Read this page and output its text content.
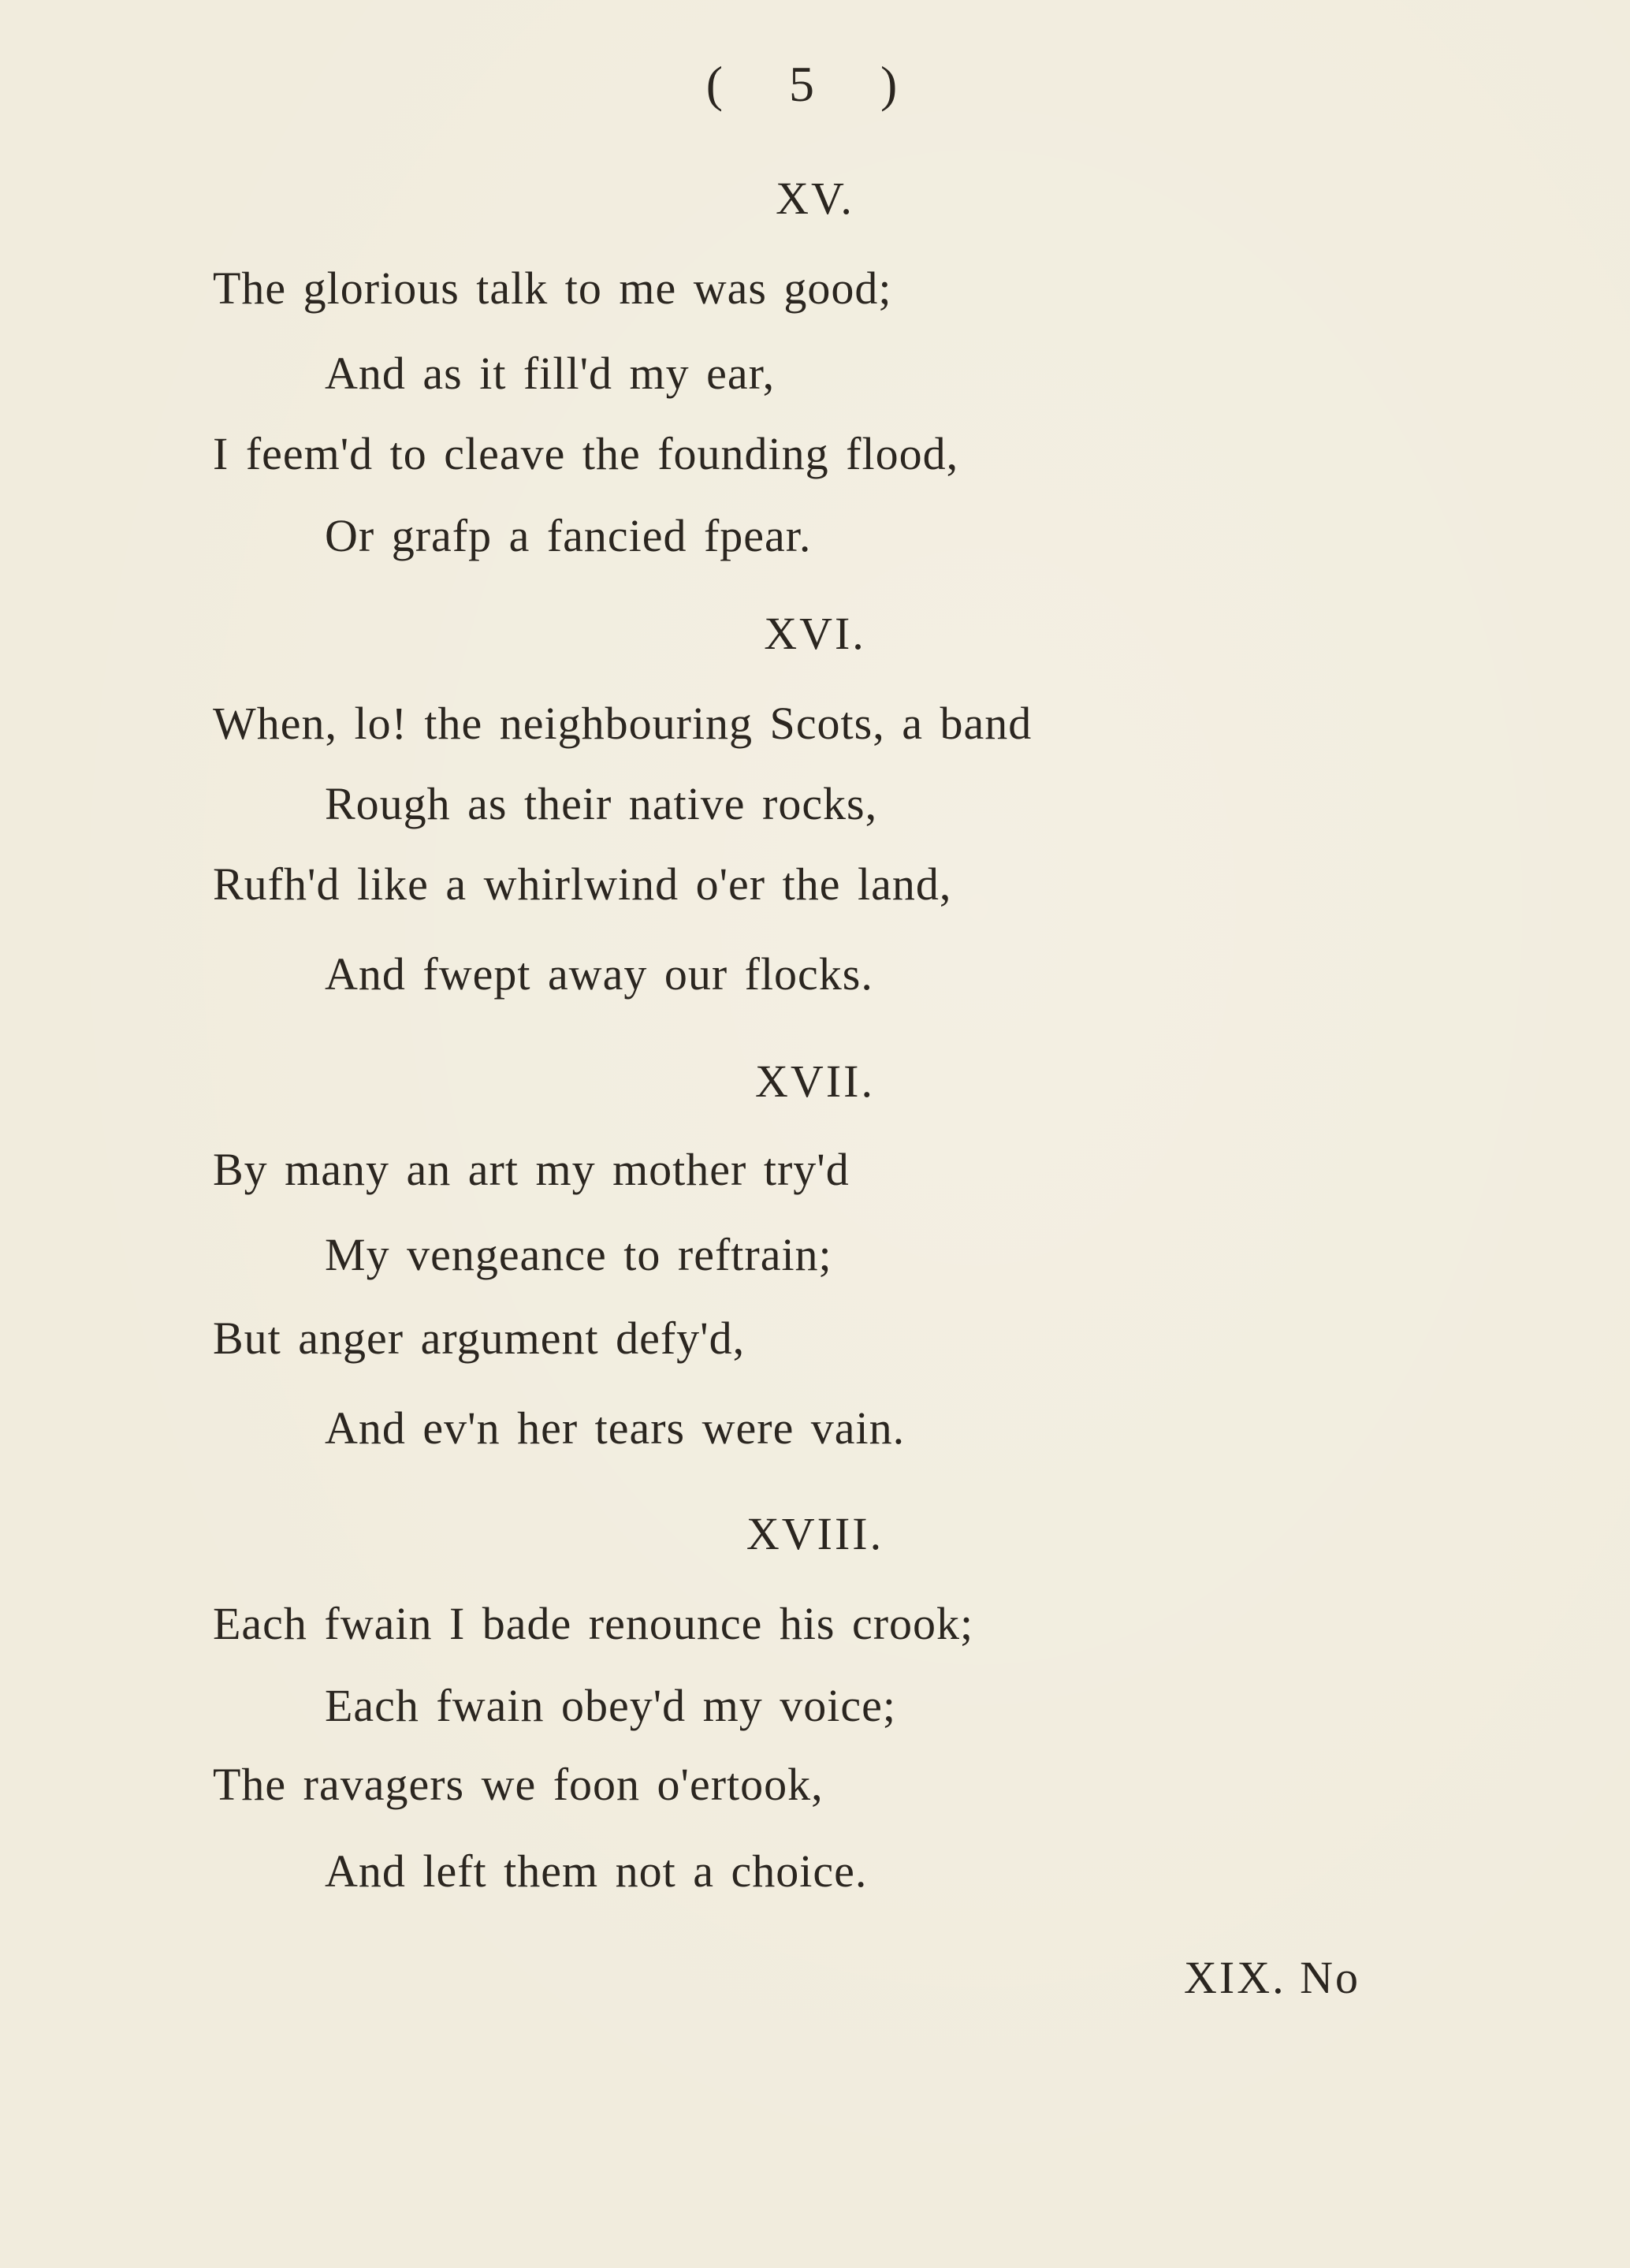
( 5 )
XV.
The glorious talk to me was good;
And as it fill'd my ear,
I feem'd to cleave the founding flood,
Or grafp a fancied fpear.
XVI.
When, lo! the neighbouring Scots, a band
Rough as their native rocks,
Rufh'd like a whirlwind o'er the land,
And fwept away our flocks.
XVII.
By many an art my mother try'd
My vengeance to reftrain;
But anger argument defy'd,
And ev'n her tears were vain.
XVIII.
Each fwain I bade renounce his crook;
Each fwain obey'd my voice;
The ravagers we foon o'ertook,
And left them not a choice.
XIX. No
